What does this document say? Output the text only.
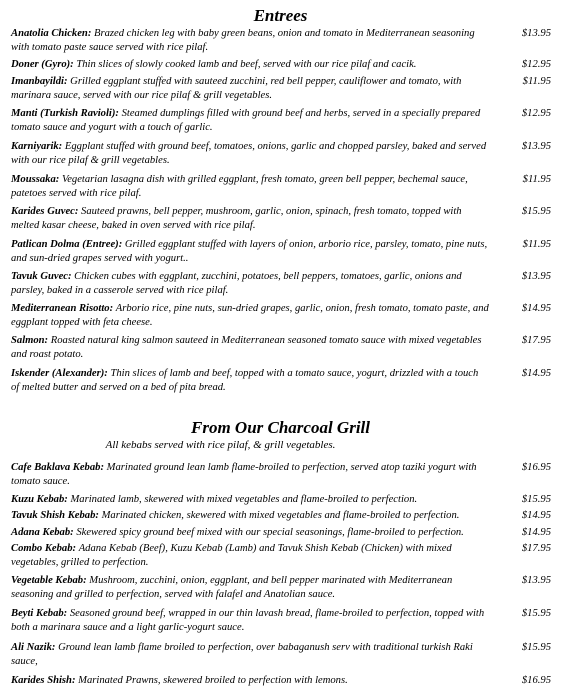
Entrees
Anatolia Chicken: Brazed chicken leg with baby green beans, onion and tomato in Mediterranean seasoning with tomato paste sauce served with rice pilaf.
$13.95
Doner (Gyro): Thin slices of slowly cooked lamb and beef, served with our rice pilaf and cacik.	$12.95
Imanbayildi: Grilled eggplant stuffed with sauteed zucchini, red bell pepper, cauliflower and tomato, with marinara sauce, served with our rice pilaf & grill vegetables.
$11.95
Manti (Turkish Ravioli): Steamed dumplings filled with ground beef and herbs, served in a specially prepared tomato sauce and yogurt with a touch of garlic.
$12.95
Karniyarik: Eggplant stuffed with ground beef, tomatoes, onions, garlic and chopped parsley, baked and served with our rice pilaf & grill vegetables.
$13.95
Moussaka: Vegetarian lasagna dish with grilled eggplant, fresh tomato, green bell pepper, bechemal sauce, patetoes served with rice pilaf.
$11.95
Karides Guvec: Sauteed prawns, bell pepper, mushroom, garlic, onion, spinach, fresh tomato, topped with melted kasar cheese, baked in oven served with rice pilaf.
$15.95
Patlican Dolma (Entree): Grilled eggplant stuffed with layers of onion, arborio rice, parsley, tomato, pine nuts, and sun-dried grapes served with yogurt..
$11.95
Tavuk Guvec: Chicken cubes with eggplant, zucchini, potatoes, bell peppers, tomatoes, garlic, onions and parsley, baked in a casserole served with rice pilaf.
$13.95
Mediterranean Risotto: Arborio rice, pine nuts, sun-dried grapes, garlic, onion, fresh tomato, tomato paste, and eggplant topped with feta cheese.
$14.95
Salmon: Roasted natural king salmon sauteed in Mediterranean seasoned tomato sauce with mixed vegetables and roast potato.
$17.95
Iskender (Alexander): Thin slices of lamb and beef, topped with a tomato sauce, yogurt, drizzled with a touch of melted butter and served on a bed of pita bread.
$14.95
From Our Charcoal Grill
All kebabs served with rice pilaf, & grill vegetables.
Cafe Baklava Kebab: Marinated ground lean lamb flame-broiled to perfection, served atop taziki yogurt with tomato sauce.
$16.95
Kuzu Kebab: Marinated lamb, skewered with mixed vegetables and flame-broiled to perfection.	$15.95
Tavuk Shish Kebab: Marinated chicken, skewered with mixed vegetables and flame-broiled to perfection.	$14.95
Adana Kebab: Skewered spicy ground beef mixed with our special seasonings, flame-broiled to perfection.	$14.95
Combo Kebab: Adana Kebab (Beef), Kuzu Kebab (Lamb) and Tavuk Shish Kebab (Chicken) with mixed vegetables, grilled to perfection.
$17.95
Vegetable Kebab: Mushroom, zucchini, onion, eggplant, and bell pepper marinated with Mediterranean seasoning and grilled to perfection, served with falafel and Anatolian sauce.
$13.95
Beyti Kebab: Seasoned ground beef, wrapped in our thin lavash bread, flame-broiled to perfection, topped with both a marinara sauce and a light garlic-yogurt sauce.
$15.95
Ali Nazik: Ground lean lamb flame broiled to perfection, over babaganush serv with traditional turkish Raki sauce,
$15.95
Karides Shish: Marinated Prawns, skewered broiled to perfection with lemons.	$16.95
